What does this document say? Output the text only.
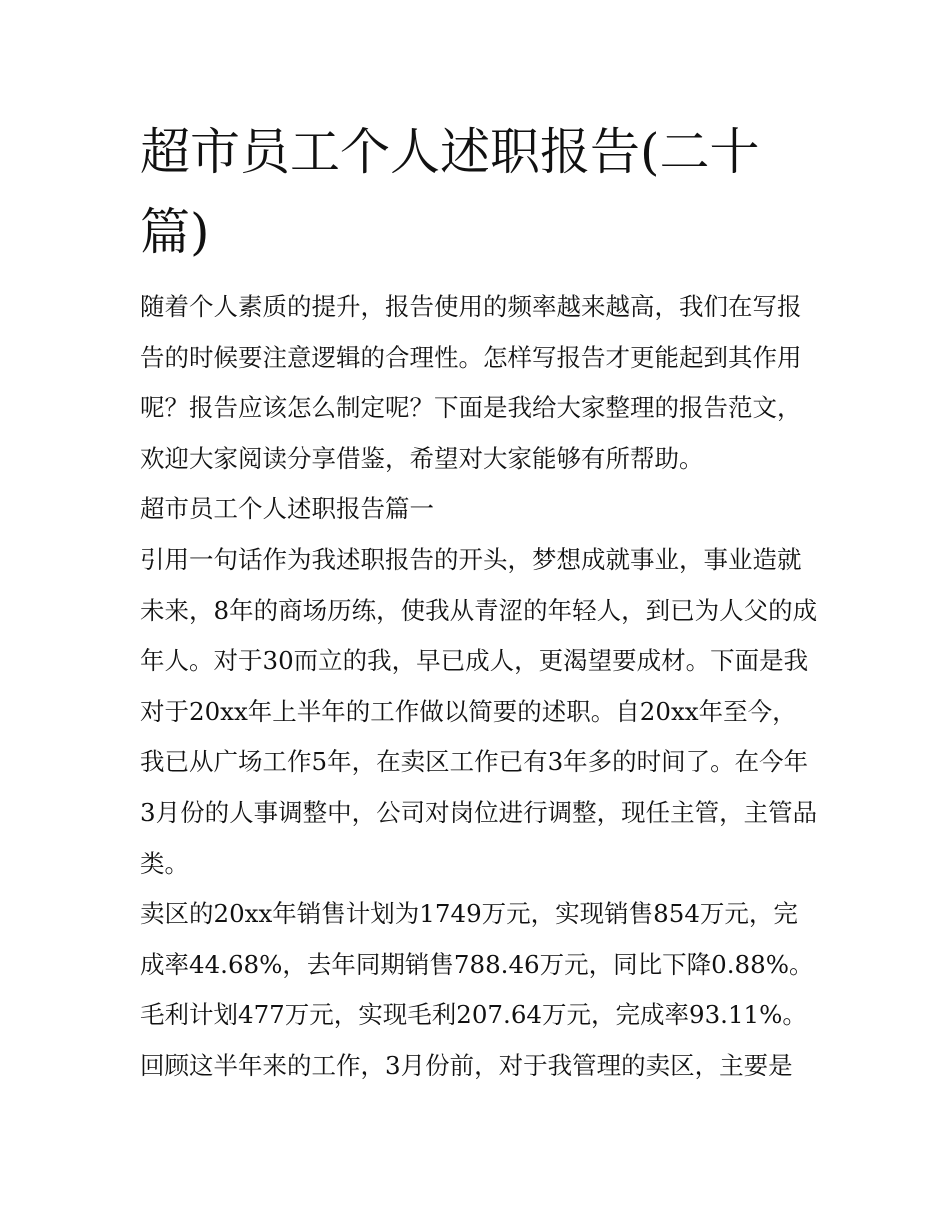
超市员工个人述职报告(二十篇)

随着个人素质的提升，报告使用的频率越来越高，我们在写报告的时候要注意逻辑的合理性。怎样写报告才更能起到其作用呢？报告应该怎么制定呢？下面是我给大家整理的报告范文，欢迎大家阅读分享借鉴，希望对大家能够有所帮助。

超市员工个人述职报告篇一

引用一句话作为我述职报告的开头，梦想成就事业，事业造就未来，8年的商场历练，使我从青涩的年轻人，到已为人父的成年人。对于30而立的我，早已成人，更渴望要成材。下面是我对于20xx年上半年的工作做以简要的述职。自20xx年至今，我已从广场工作5年，在卖区工作已有3年多的时间了。在今年3月份的人事调整中，公司对岗位进行调整，现任主管，主管品类。

卖区的20xx年销售计划为1749万元，实现销售854万元，完成率44.68%，去年同期销售788.46万元，同比下降0.88%。毛利计划477万元，实现毛利207.64万元，完成率93.11%。

回顾这半年来的工作，3月份前，对于我管理的卖区，主要是
